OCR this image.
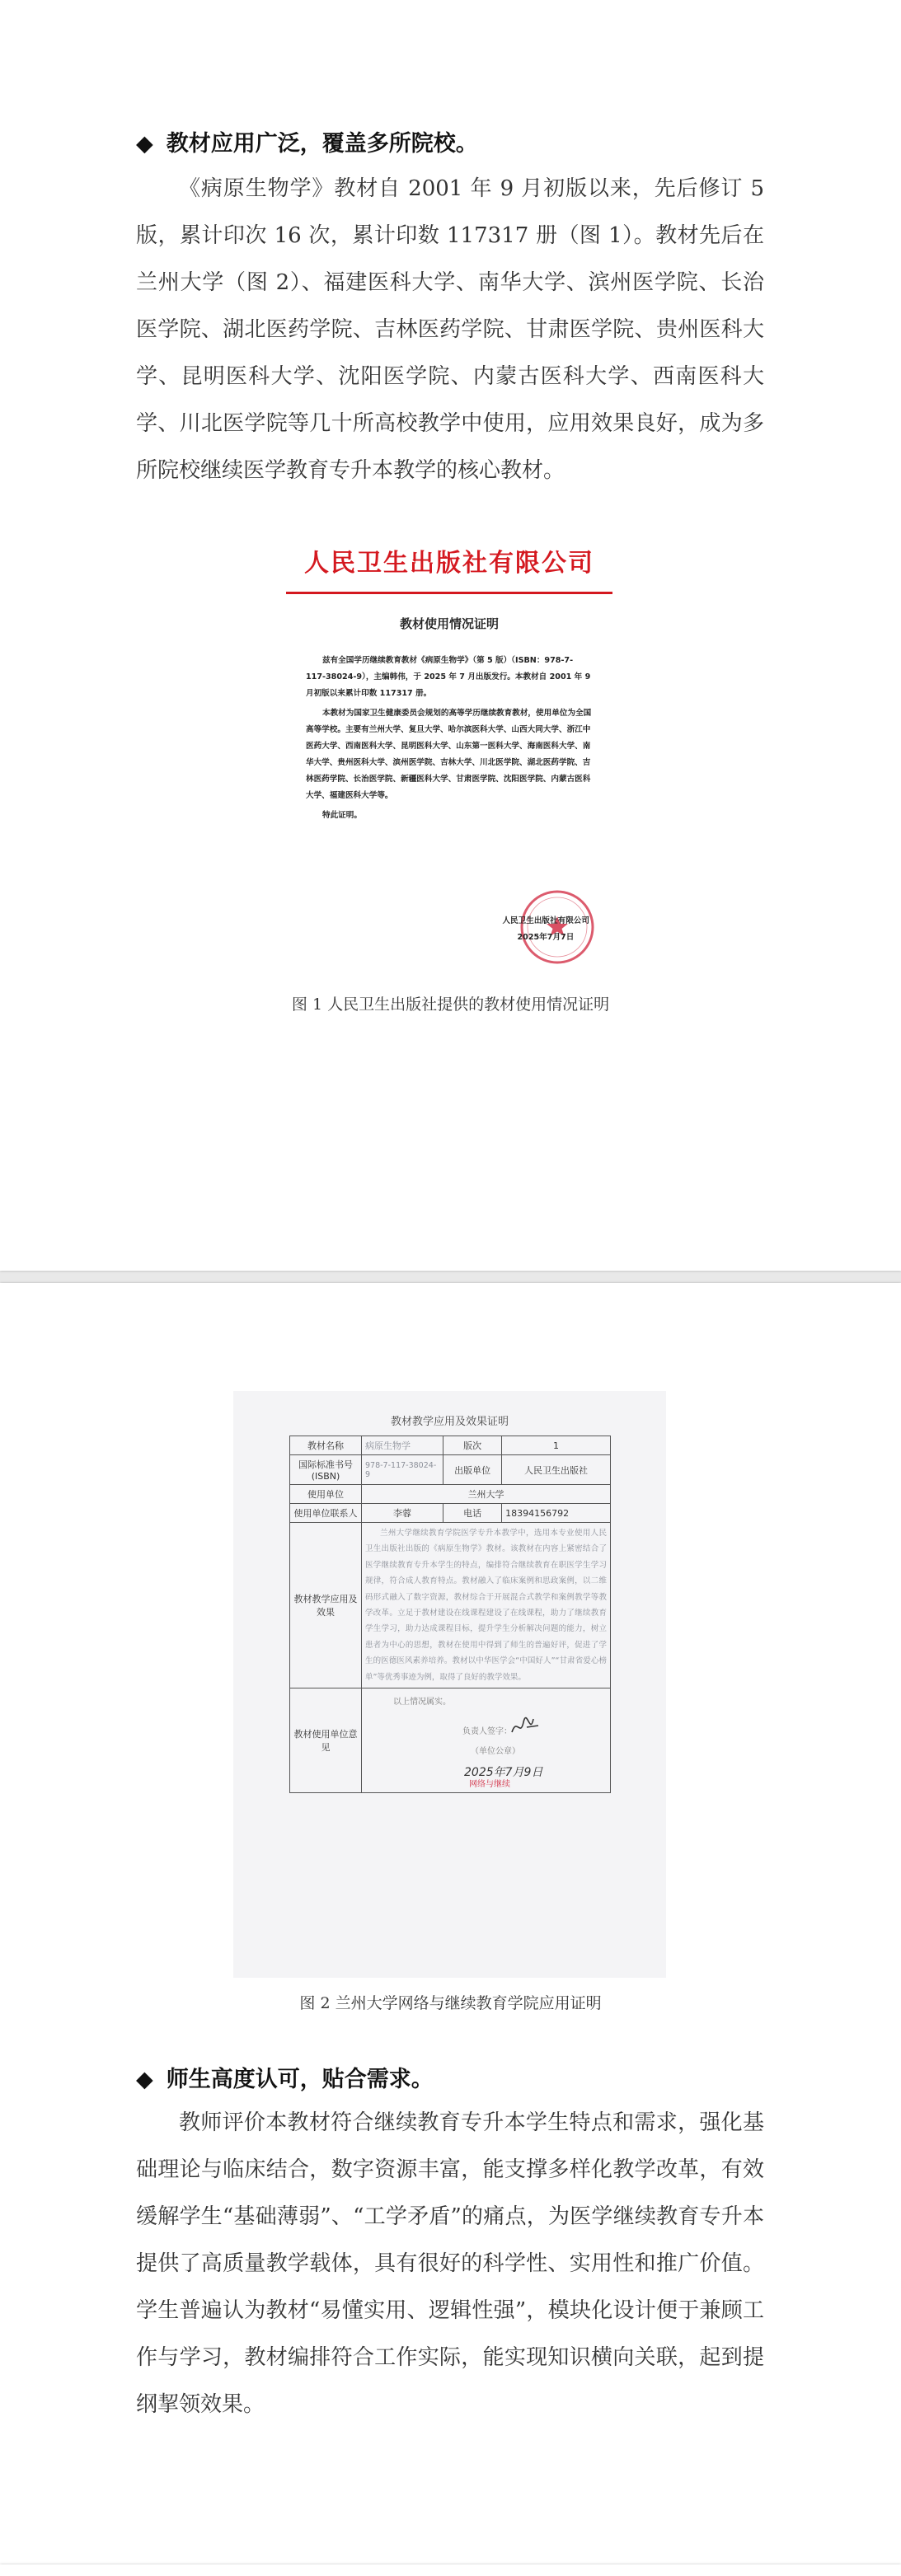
◆ 教材应用广泛，覆盖多所院校。
《病原生物学》教材自 2001 年 9 月初版以来，先后修订 5 版，累计印次 16 次，累计印数 117317 册（图 1）。教材先后在兰州大学（图 2）、福建医科大学、南华大学、滨州医学院、长治医学院、湖北医药学院、吉林医药学院、甘肃医学院、贵州医科大学、昆明医科大学、沈阳医学院、内蒙古医科大学、西南医科大学、川北医学院等几十所高校教学中使用，应用效果良好，成为多所院校继续医学教育专升本教学的核心教材。
人民卫生出版社有限公司
教材使用情况证明

兹有全国学历继续教育教材《病原生物学》（第 5 版）（ISBN：978-7-117-38024-9），主编韩伟，于 2025 年 7 月出版发行。本教材自 2001 年 9 月初版以来累计印数 117317 册。

本教材为国家卫生健康委员会规划的高等学历继续教育教材，使用单位为全国高等学校。主要有兰州大学、复旦大学、哈尔滨医科大学、山西大同大学、浙江中医药大学、西南医科大学、昆明医科大学、山东第一医科大学、海南医科大学、南华大学、贵州医科大学、滨州医学院、吉林大学、川北医学院、湖北医药学院、吉林医药学院、长治医学院、新疆医科大学、甘肃医学院、沈阳医学院、内蒙古医科大学、福建医科大学等。

特此证明。

人民卫生出版社有限公司
2025年7月7日
图 1 人民卫生出版社提供的教材使用情况证明
教材教学应用及效果证明
教材名称	病原生物学	版次	1
国际标准书号 (ISBN)	978-7-117-38024-9	出版单位	人民卫生出版社
使用单位	兰州大学		
使用单位联系人	李蓉	电话	18394156792
教材教学应用及效果	兰州大学继续教育学院医学专升本教学中，选用本专业使用人民卫生出版社出版的《病原生物学》教材。该教材在内容上紧密结合了医学继续教育专升本学生的特点，编排符合继续教育在职医学生学习规律，符合成人教育特点。教材融入了临床案例和思政案例，以二维码形式融入了数字资源，教材综合于开展混合式教学和案例教学等教学改革。立足于教材建设在线课程建设了在线课程，助力了继续教育学生学习，助力达成课程目标，提升学生分析解决问题的能力，树立患者为中心的思想，教材在使用中得到了师生的普遍好评，促进了学生的医德医风素养培养。教材以中华医学会“中国好人”“甘肃省爱心榜单”等优秀事迹为例，取得了良好的教学效果。		
教材使用单位意见	以上情况属实。
负责人签字：
（单位公章）
2025年7月9日
网络与继续		
图 2 兰州大学网络与继续教育学院应用证明
◆ 师生高度认可，贴合需求。
教师评价本教材符合继续教育专升本学生特点和需求，强化基础理论与临床结合，数字资源丰富，能支撑多样化教学改革，有效缓解学生“基础薄弱”、“工学矛盾”的痛点，为医学继续教育专升本提供了高质量教学载体，具有很好的科学性、实用性和推广价值。学生普遍认为教材“易懂实用、逻辑性强”，模块化设计便于兼顾工作与学习，教材编排符合工作实际，能实现知识横向关联，起到提纲挈领效果。
